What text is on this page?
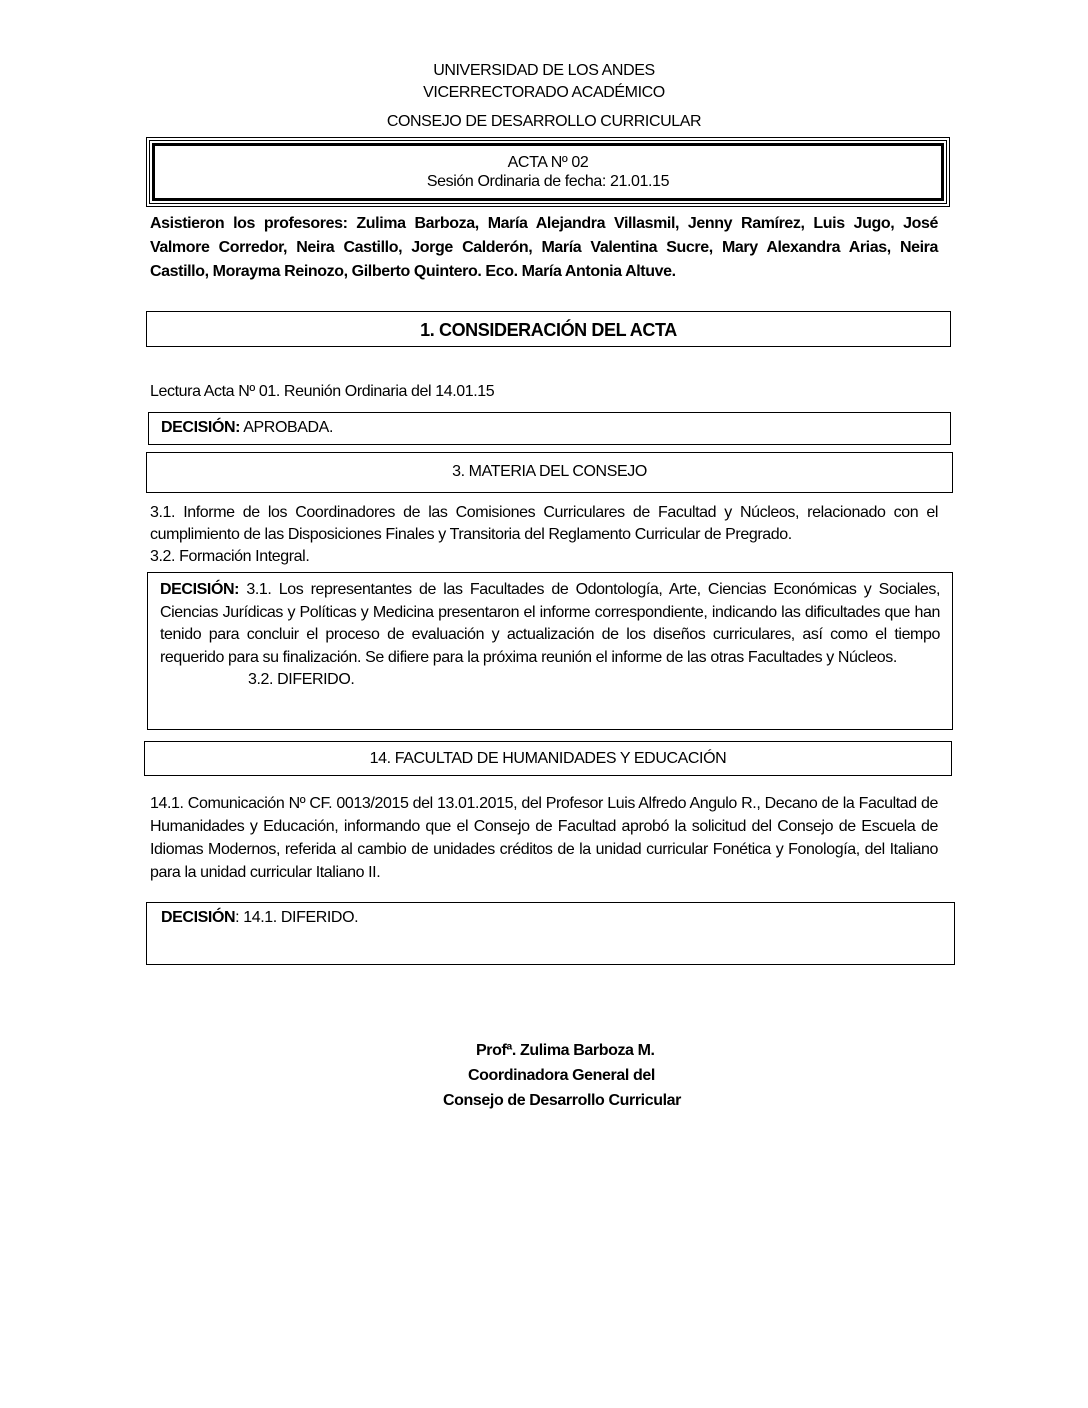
UNIVERSIDAD DE LOS ANDES
VICERRECTORADO ACADÉMICO
CONSEJO DE DESARROLLO CURRICULAR
ACTA Nº 02
Sesión Ordinaria de fecha: 21.01.15
Asistieron los profesores: Zulima Barboza, María Alejandra Villasmil, Jenny Ramírez, Luis Jugo, José Valmore Corredor, Neira Castillo, Jorge Calderón, María Valentina Sucre, Mary Alexandra Arias, Neira Castillo, Morayma Reinozo, Gilberto Quintero. Eco. María Antonia Altuve.
1. CONSIDERACIÓN DEL ACTA
Lectura Acta Nº 01. Reunión Ordinaria del 14.01.15
DECISIÓN: APROBADA.
3. MATERIA DEL CONSEJO
3.1. Informe de los Coordinadores de las Comisiones Curriculares de Facultad y Núcleos, relacionado con el cumplimiento de las Disposiciones Finales y Transitoria del Reglamento Curricular de Pregrado.
3.2. Formación Integral.
DECISIÓN: 3.1. Los representantes de las Facultades de Odontología, Arte, Ciencias Económicas y Sociales, Ciencias Jurídicas y Políticas y Medicina presentaron el informe correspondiente, indicando las dificultades que han tenido para concluir el proceso de evaluación y actualización de los diseños curriculares, así como el tiempo requerido para su finalización. Se difiere para la próxima reunión el informe de las otras Facultades y Núcleos.
3.2. DIFERIDO.
14. FACULTAD DE HUMANIDADES Y EDUCACIÓN
14.1. Comunicación Nº CF. 0013/2015 del 13.01.2015, del Profesor Luis Alfredo Angulo R., Decano de la Facultad de Humanidades y Educación, informando que el Consejo de Facultad aprobó la solicitud del Consejo de Escuela de Idiomas Modernos, referida al cambio de unidades créditos de la unidad curricular Fonética y Fonología, del Italiano para la unidad curricular Italiano II.
DECISIÓN: 14.1. DIFERIDO.
Profª. Zulima Barboza M.
Coordinadora General del
Consejo de Desarrollo Curricular
